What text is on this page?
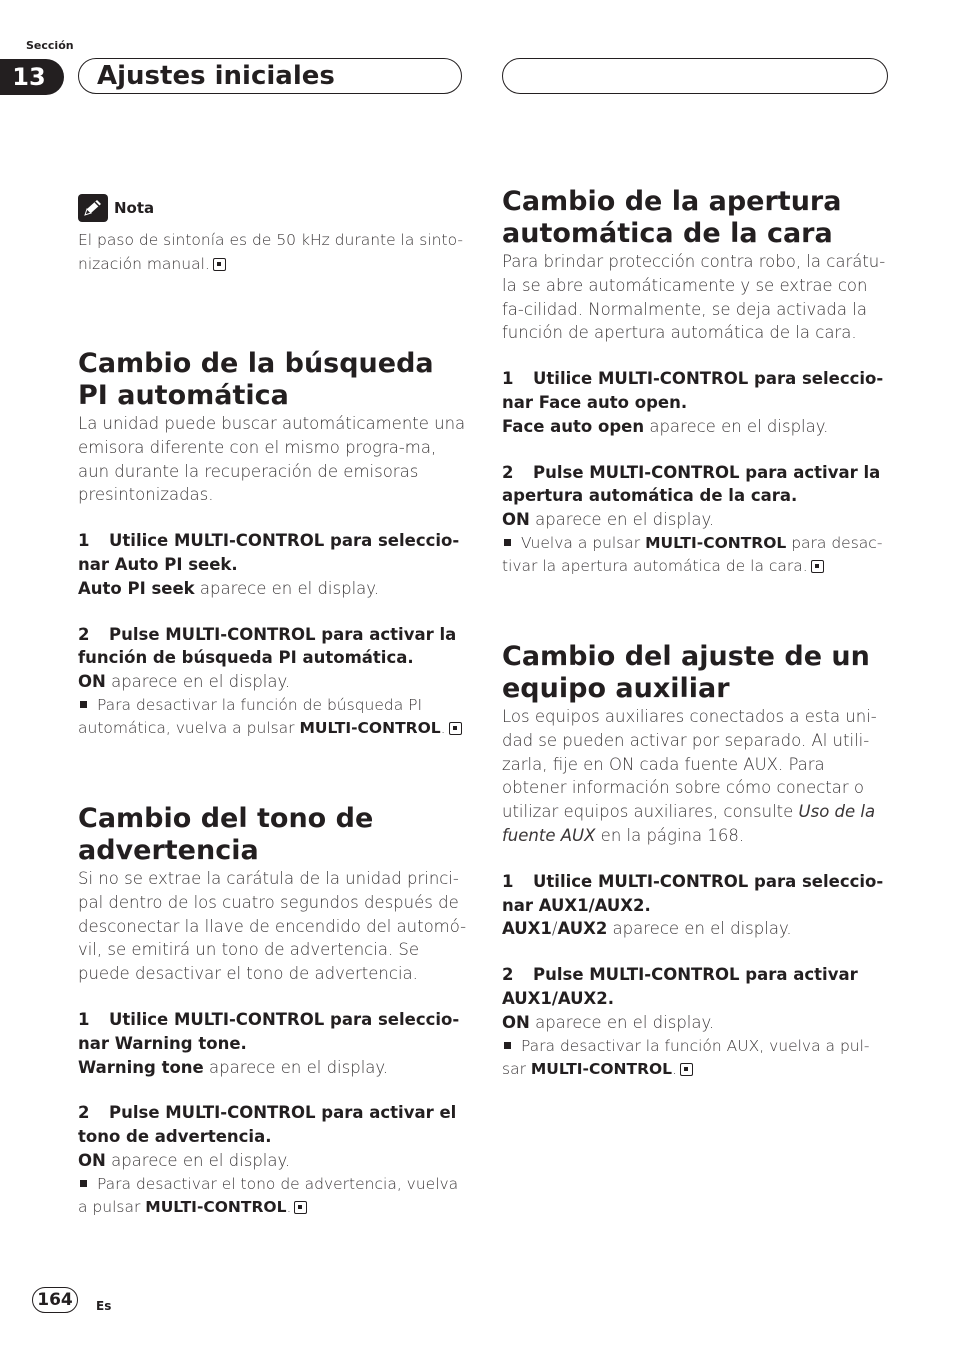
Sección
13	Ajustes iniciales
Nota

El paso de sintonía es de 50 kHz durante la sinto-nización manual.

Cambio de la búsqueda PI automática

La unidad puede buscar automáticamente una emisora diferente con el mismo progra-ma, aun durante la recuperación de emisoras presintonizadas.

1 Utilice MULTI-CONTROL para seleccio-nar Auto PI seek.

Auto PI seek aparece en el display.

2 Pulse MULTI-CONTROL para activar la función de búsqueda PI automática.

ON aparece en el display.

Para desactivar la función de búsqueda PI automática, vuelva a pulsar MULTI-CONTROL.

Cambio del tono de advertencia

Si no se extrae la carátula de la unidad princi-pal dentro de los cuatro segundos después de desconectar la llave de encendido del automó-vil, se emitirá un tono de advertencia. Se puede desactivar el tono de advertencia.

1 Utilice MULTI-CONTROL para seleccio-nar Warning tone.

Warning tone aparece en el display.

2 Pulse MULTI-CONTROL para activar el tono de advertencia.

ON aparece en el display.

Para desactivar el tono de advertencia, vuelva a pulsar MULTI-CONTROL.

Cambio de la apertura automática de la cara

Para brindar protección contra robo, la carátu-la se abre automáticamente y se extrae con fa-cilidad. Normalmente, se deja activada la función de apertura automática de la cara.

1 Utilice MULTI-CONTROL para seleccio-nar Face auto open.

Face auto open aparece en el display.

2 Pulse MULTI-CONTROL para activar la apertura automática de la cara.

ON aparece en el display.

Vuelva a pulsar MULTI-CONTROL para desac-tivar la apertura automática de la cara.

Cambio del ajuste de un equipo auxiliar

Los equipos auxiliares conectados a esta uni-dad se pueden activar por separado. Al utili-zarla, fije en ON cada fuente AUX. Para obtener información sobre cómo conectar o utilizar equipos auxiliares, consulte Uso de la fuente AUX en la página 168.

1 Utilice MULTI-CONTROL para seleccio-nar AUX1/AUX2.

AUX1/AUX2 aparece en el display.

2 Pulse MULTI-CONTROL para activar AUX1/AUX2.

ON aparece en el display.

Para desactivar la función AUX, vuelva a pul-sar MULTI-CONTROL.

164	Es
